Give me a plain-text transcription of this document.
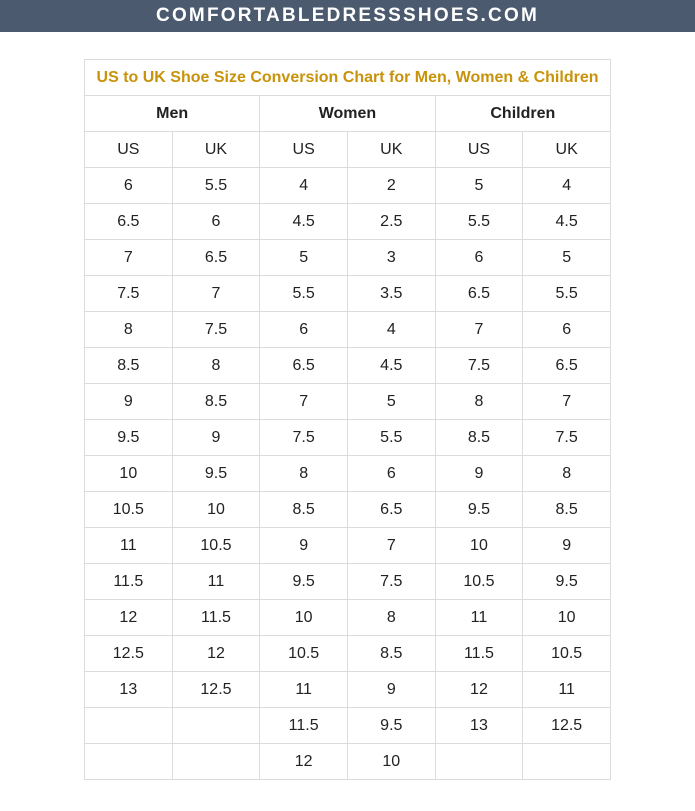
COMFORTABLEDRESSSHOES.COM
US to UK Shoe Size Conversion Chart for Men, Women & Children					
Men		Women		Children	
US	UK	US	UK	US	UK
6	5.5	4	2	5	4
6.5	6	4.5	2.5	5.5	4.5
7	6.5	5	3	6	5
7.5	7	5.5	3.5	6.5	5.5
8	7.5	6	4	7	6
8.5	8	6.5	4.5	7.5	6.5
9	8.5	7	5	8	7
9.5	9	7.5	5.5	8.5	7.5
10	9.5	8	6	9	8
10.5	10	8.5	6.5	9.5	8.5
11	10.5	9	7	10	9
11.5	11	9.5	7.5	10.5	9.5
12	11.5	10	8	11	10
12.5	12	10.5	8.5	11.5	10.5
13	12.5	11	9	12	11
		11.5	9.5	13	12.5
		12	10		
